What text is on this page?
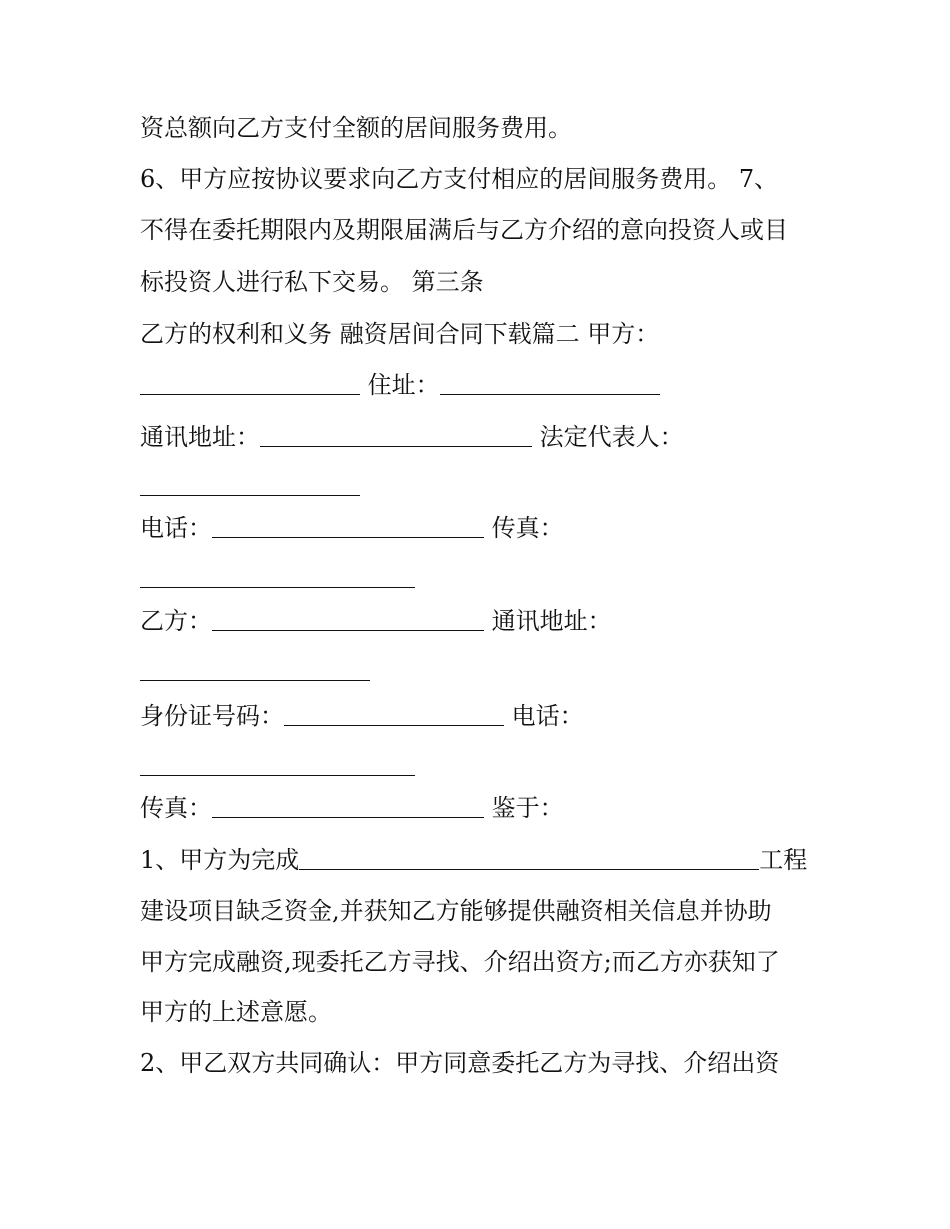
资总额向乙方支付全额的居间服务费用。
6、甲方应按协议要求向乙方支付相应的居间服务费用。 7、
不得在委托期限内及期限届满后与乙方介绍的意向投资人或目
标投资人进行私下交易。 第三条
乙方的权利和义务 融资居间合同下载篇二 甲方：
住址：
通讯地址：	法定代表人：
电话：	传真：
乙方：	通讯地址：
身份证号码：	电话：
传真：	鉴于：
1、甲方为完成	工程
建设项目缺乏资金,并获知乙方能够提供融资相关信息并协助
甲方完成融资,现委托乙方寻找、介绍出资方;而乙方亦获知了
甲方的上述意愿。
2、甲乙双方共同确认：甲方同意委托乙方为寻找、介绍出资
